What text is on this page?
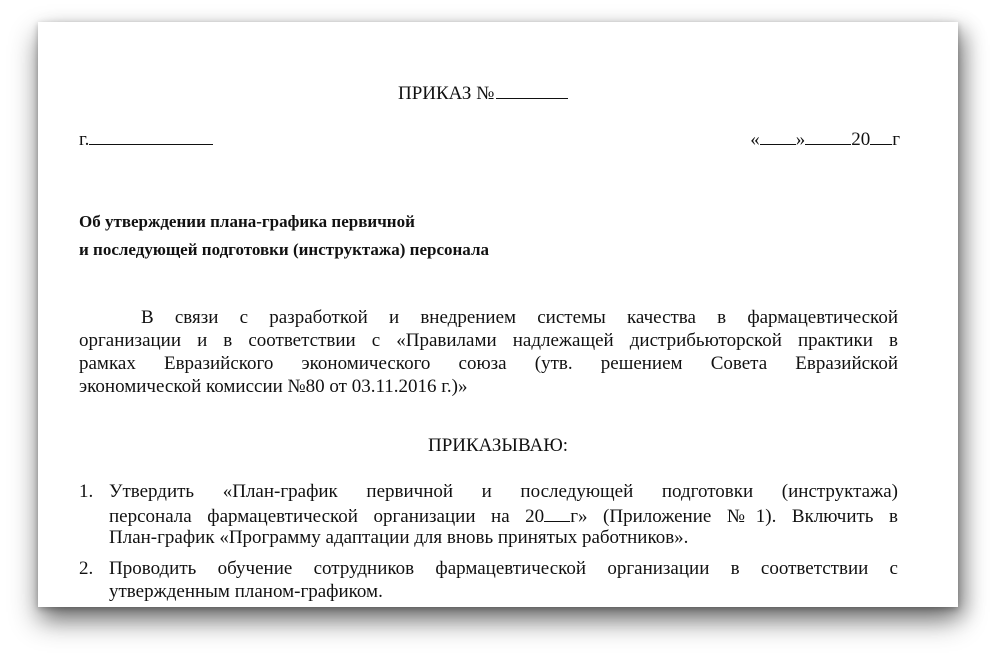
ПРИКАЗ №
г.	« » 20 г
Об утверждении плана-графика первичной
и последующей подготовки (инструктажа) персонала
В связи с разработкой и внедрением системы качества в фармацевтической
организации и в соответствии с «Правилами надлежащей дистрибьюторской практики в
рамках Евразийского экономического союза (утв. решением Совета Евразийской
экономической комиссии №80 от 03.11.2016 г.)»
ПРИКАЗЫВАЮ:
1. Утвердить «План-график первичной и последующей подготовки (инструктажа)
персонала фармацевтической организации на 20 г» (Приложение №1). Включить в
План-график «Программу адаптации для вновь принятых работников».
2. Проводить обучение сотрудников фармацевтической организации в соответствии с
утвержденным планом-графиком.
